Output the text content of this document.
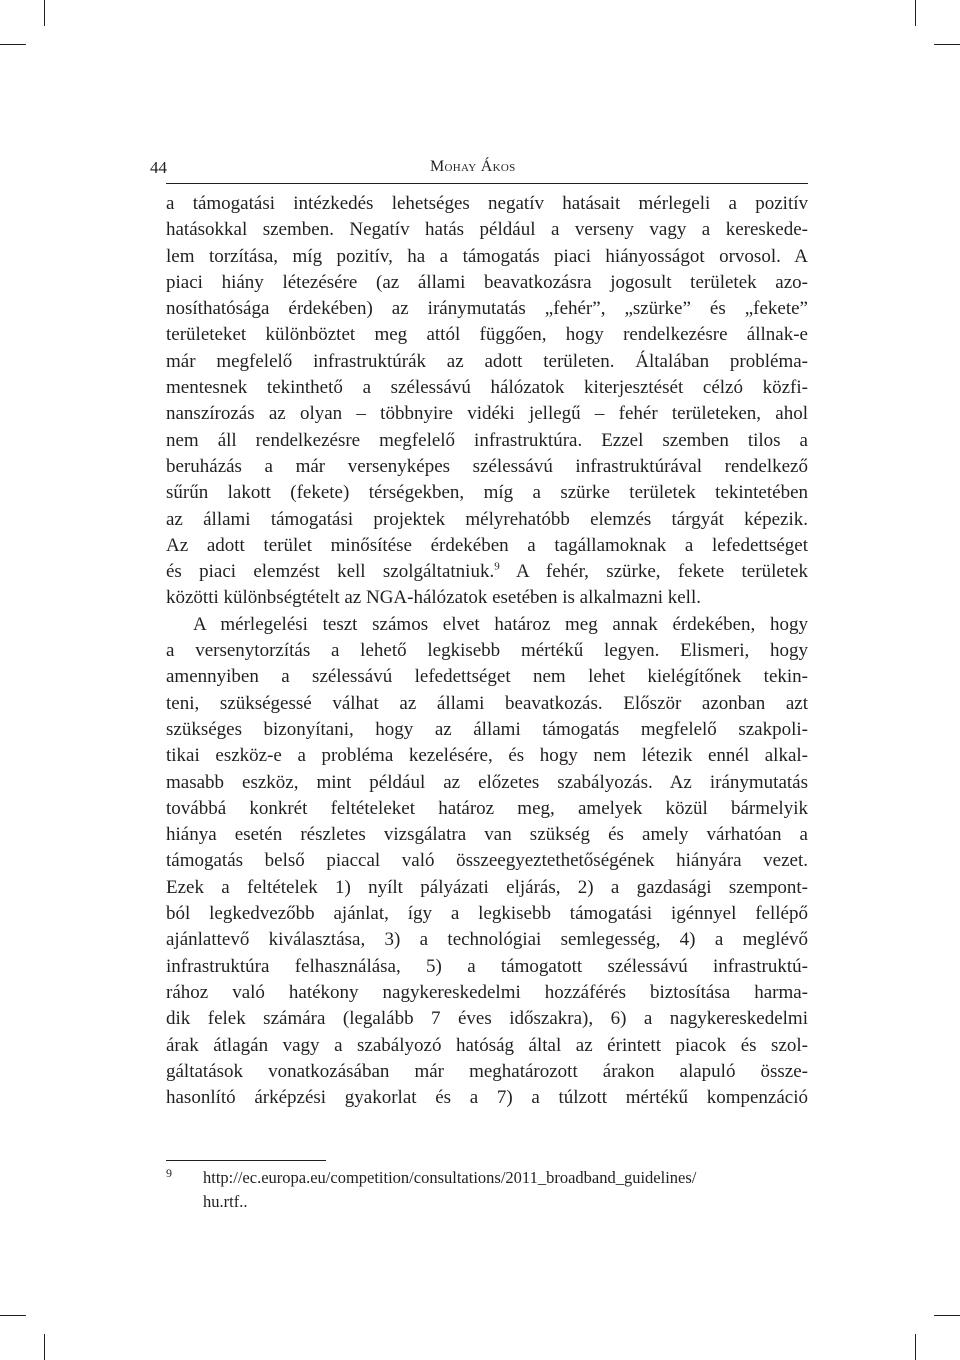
44	Mohay Ákos
a támogatási intézkedés lehetséges negatív hatásait mérlegeli a pozitív
hatásokkal szemben. Negatív hatás például a verseny vagy a kereskede-
lem torzítása, míg pozitív, ha a támogatás piaci hiányosságot orvosol. A
piaci hiány létezésére (az állami beavatkozásra jogosult területek azo-
nosíthatósága érdekében) az iránymutatás „fehér”, „szürke” és „fekete”
területeket különböztet meg attól függően, hogy rendelkezésre állnak-e
már megfelelő infrastruktúrák az adott területen. Általában probléma-
mentesnek tekinthető a szélessávú hálózatok kiterjesztését célzó közfi-
nanszírozás az olyan – többnyire vidéki jellegű – fehér területeken, ahol
nem áll rendelkezésre megfelelő infrastruktúra. Ezzel szemben tilos a
beruházás a már versenyképes szélessávú infrastruktúrával rendelkező
sűrűn lakott (fekete) térségekben, míg a szürke területek tekintetében
az állami támogatási projektek mélyrehatóbb elemzés tárgyát képezik.
Az adott terület minősítése érdekében a tagállamoknak a lefedettséget
és piaci elemzést kell szolgáltatniuk.$^9$ A fehér, szürke, fekete területek
közötti különbségtételt az NGA-hálózatok esetében is alkalmazni kell.
A mérlegelési teszt számos elvet határoz meg annak érdekében, hogy
a versenytorzítás a lehető legkisebb mértékű legyen. Elismeri, hogy
amennyiben a szélessávú lefedettséget nem lehet kielégítőnek tekin-
teni, szükségessé válhat az állami beavatkozás. Először azonban azt
szükséges bizonyítani, hogy az állami támogatás megfelelő szakpoli-
tikai eszköz-e a probléma kezelésére, és hogy nem létezik ennél alkal-
masabb eszköz, mint például az előzetes szabályozás. Az iránymutatás
továbbá konkrét feltételeket határoz meg, amelyek közül bármelyik
hiánya esetén részletes vizsgálatra van szükség és amely várhatóan a
támogatás belső piaccal való összeegyeztethetőségének hiányára vezet.
Ezek a feltételek 1) nyílt pályázati eljárás, 2) a gazdasági szempont-
ból legkedvezőbb ajánlat, így a legkisebb támogatási igénnyel fellépő
ajánlattevő kiválasztása, 3) a technológiai semlegesség, 4) a meglévő
infrastruktúra felhasználása, 5) a támogatott szélessávú infrastruktú-
rához való hatékony nagykereskedelmi hozzáférés biztosítása harma-
dik felek számára (legalább 7 éves időszakra), 6) a nagykereskedelmi
árak átlagán vagy a szabályozó hatóság által az érintett piacok és szol-
gáltatások vonatkozásában már meghatározott árakon alapuló össze-
hasonlító árképzési gyakorlat és a 7) a túlzott mértékű kompenzáció
9 http://ec.europa.eu/competition/consultations/2011_broadband_guidelines/
hu.rtf..
